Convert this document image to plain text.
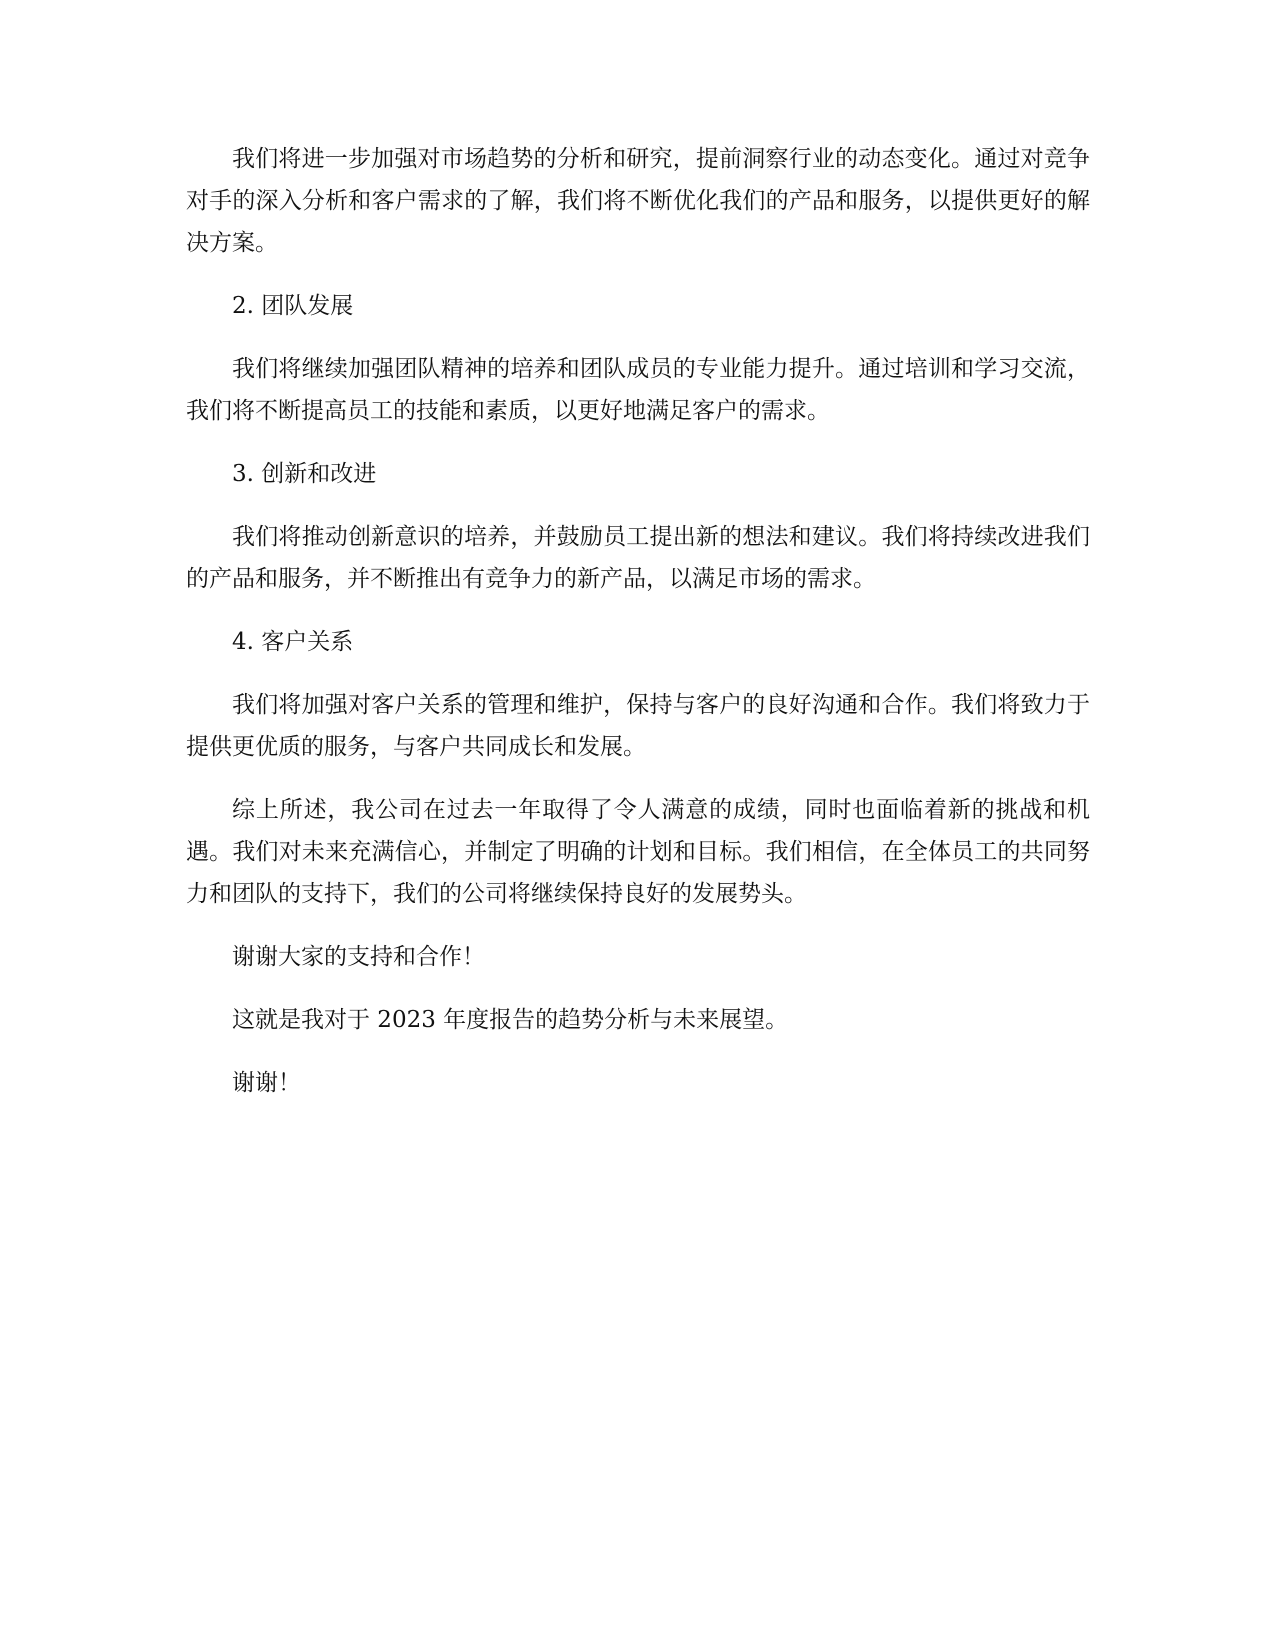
我们将进一步加强对市场趋势的分析和研究，提前洞察行业的动态变化。通过对竞争对手的深入分析和客户需求的了解，我们将不断优化我们的产品和服务，以提供更好的解决方案。

2. 团队发展

我们将继续加强团队精神的培养和团队成员的专业能力提升。通过培训和学习交流，我们将不断提高员工的技能和素质，以更好地满足客户的需求。

3. 创新和改进

我们将推动创新意识的培养，并鼓励员工提出新的想法和建议。我们将持续改进我们的产品和服务，并不断推出有竞争力的新产品，以满足市场的需求。

4. 客户关系

我们将加强对客户关系的管理和维护，保持与客户的良好沟通和合作。我们将致力于提供更优质的服务，与客户共同成长和发展。

综上所述，我公司在过去一年取得了令人满意的成绩，同时也面临着新的挑战和机遇。我们对未来充满信心，并制定了明确的计划和目标。我们相信，在全体员工的共同努力和团队的支持下，我们的公司将继续保持良好的发展势头。

谢谢大家的支持和合作！

这就是我对于 2023 年度报告的趋势分析与未来展望。

谢谢！
